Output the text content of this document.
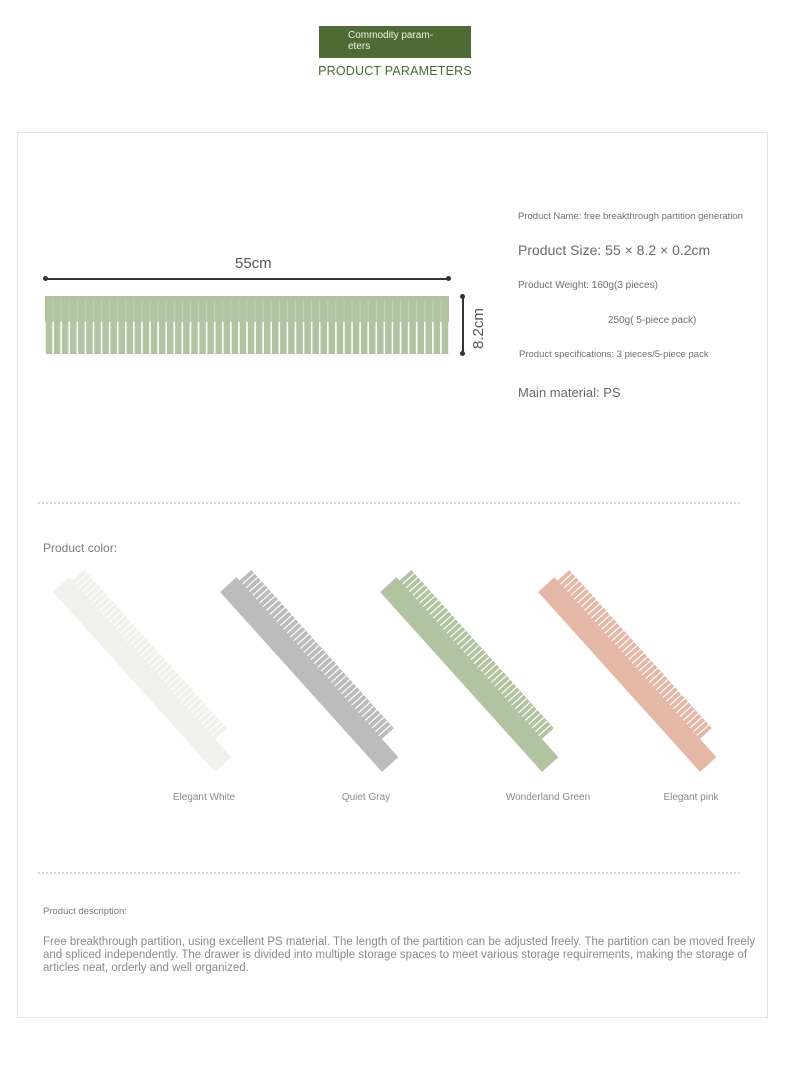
Commodity param-eters
PRODUCT PARAMETERS
55cm
8.2cm
Product Name: free breakthrough partition generation
Product Size: 55 × 8.2 × 0.2cm
Product Weight: 160g(3 pieces)
250g( 5-piece pack)
Product specifications: 3 pieces/5-piece pack
Main material: PS
Product color:
Elegant White	Quiet Gray	Wonderland Green	Elegant pink
Product description:
Free breakthrough partition, using excellent PS material. The length of the partition can be adjusted freely. The partition can be moved freely and spliced independently. The drawer is divided into multiple storage spaces to meet various storage requirements, making the storage of articles neat, orderly and well organized.
